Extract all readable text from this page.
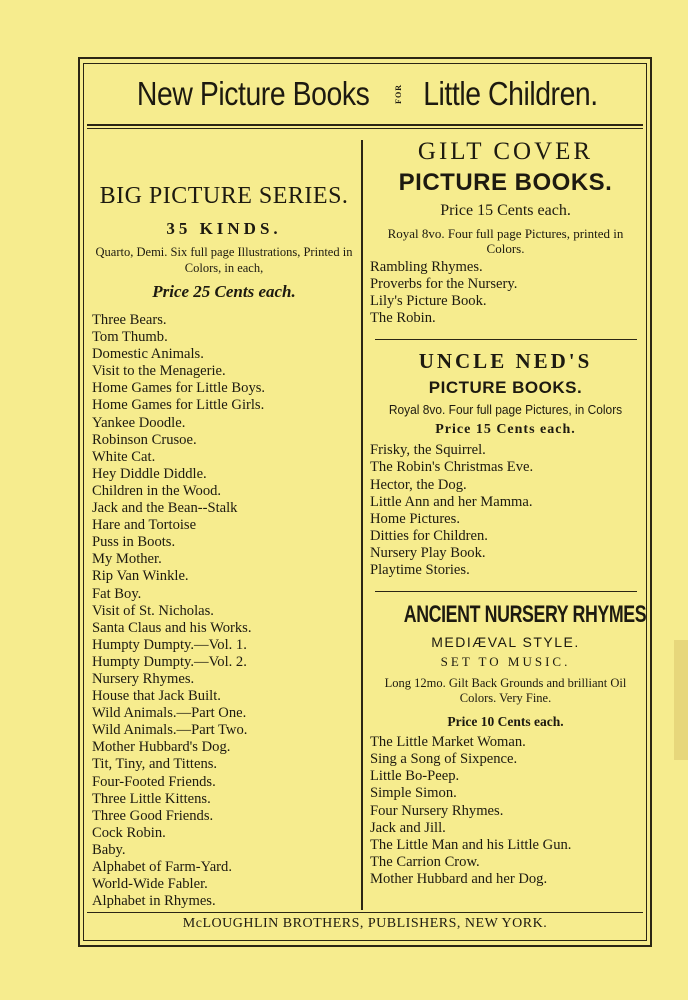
New Picture Books	FOR Little Children.
BIG PICTURE SERIES.
35 KINDS.
Quarto, Demi. Six full page Illustrations, Printed in Colors, in each,
Price 25 Cents each.
Three Bears.
Tom Thumb.
Domestic Animals.
Visit to the Menagerie.
Home Games for Little Boys.
Home Games for Little Girls.
Yankee Doodle.
Robinson Crusoe.
White Cat.
Hey Diddle Diddle.
Children in the Wood.
Jack and the Bean--Stalk
Hare and Tortoise
Puss in Boots.
My Mother.
Rip Van Winkle.
Fat Boy.
Visit of St. Nicholas.
Santa Claus and his Works.
Humpty Dumpty.—Vol. 1.
Humpty Dumpty.—Vol. 2.
Nursery Rhymes.
House that Jack Built.
Wild Animals.—Part One.
Wild Animals.—Part Two.
Mother Hubbard's Dog.
Tit, Tiny, and Tittens.
Four-Footed Friends.
Three Little Kittens.
Three Good Friends.
Cock Robin.
Baby.
Alphabet of Farm-Yard.
World-Wide Fabler.
Alphabet in Rhymes.
GILT COVER
PICTURE BOOKS.
Price 15 Cents each.
Royal 8vo. Four full page Pictures, printed in Colors.
Rambling Rhymes.
Proverbs for the Nursery.
Lily's Picture Book.
The Robin.
UNCLE NED'S
PICTURE BOOKS.
Royal 8vo. Four full page Pictures, in Colors
Price 15 Cents each.
Frisky, the Squirrel.
The Robin's Christmas Eve.
Hector, the Dog.
Little Ann and her Mamma.
Home Pictures.
Ditties for Children.
Nursery Play Book.
Playtime Stories.
ANCIENT NURSERY RHYMES
MEDIÆVAL STYLE.
SET TO MUSIC.
Long 12mo. Gilt Back Grounds and brilliant Oil Colors. Very Fine.
Price 10 Cents each.
The Little Market Woman.
Sing a Song of Sixpence.
Little Bo-Peep.
Simple Simon.
Four Nursery Rhymes.
Jack and Jill.
The Little Man and his Little Gun.
The Carrion Crow.
Mother Hubbard and her Dog.
McLOUGHLIN BROTHERS, PUBLISHERS, NEW YORK.
